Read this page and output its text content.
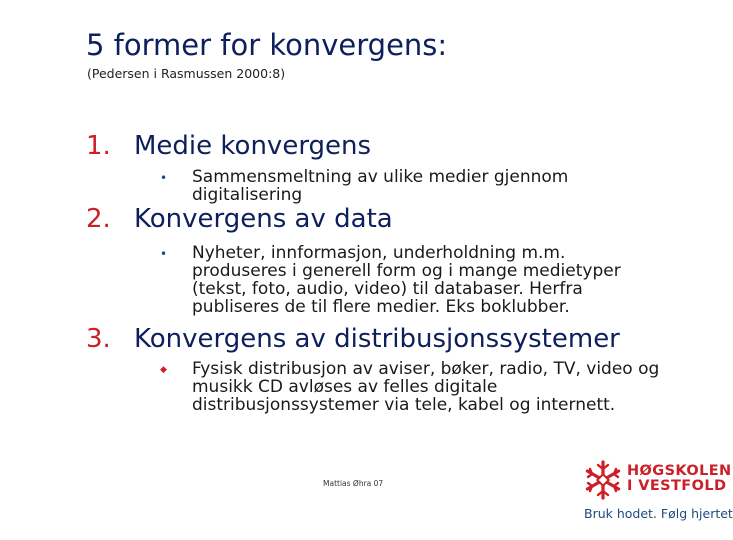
5 former for konvergens:
(Pedersen i Rasmussen 2000:8)
1. Medie konvergens
• Sammensmeltning av ulike medier gjennom digitalisering
2. Konvergens av data
• Nyheter, innformasjon, underholdning m.m. produseres i generell form og i mange medietyper (tekst, foto, audio, video) til databaser. Herfra publiseres de til flere medier. Eks boklubber.
3. Konvergens av distribusjonssystemer
◆ Fysisk distribusjon av aviser, bøker, radio, TV, video og musikk CD avløses av felles digitale distribusjonssystemer via tele, kabel og internett.
Mattias Øhra 07
HØGSKOLEN
I VESTFOLD
Bruk hodet. Følg hjertet
